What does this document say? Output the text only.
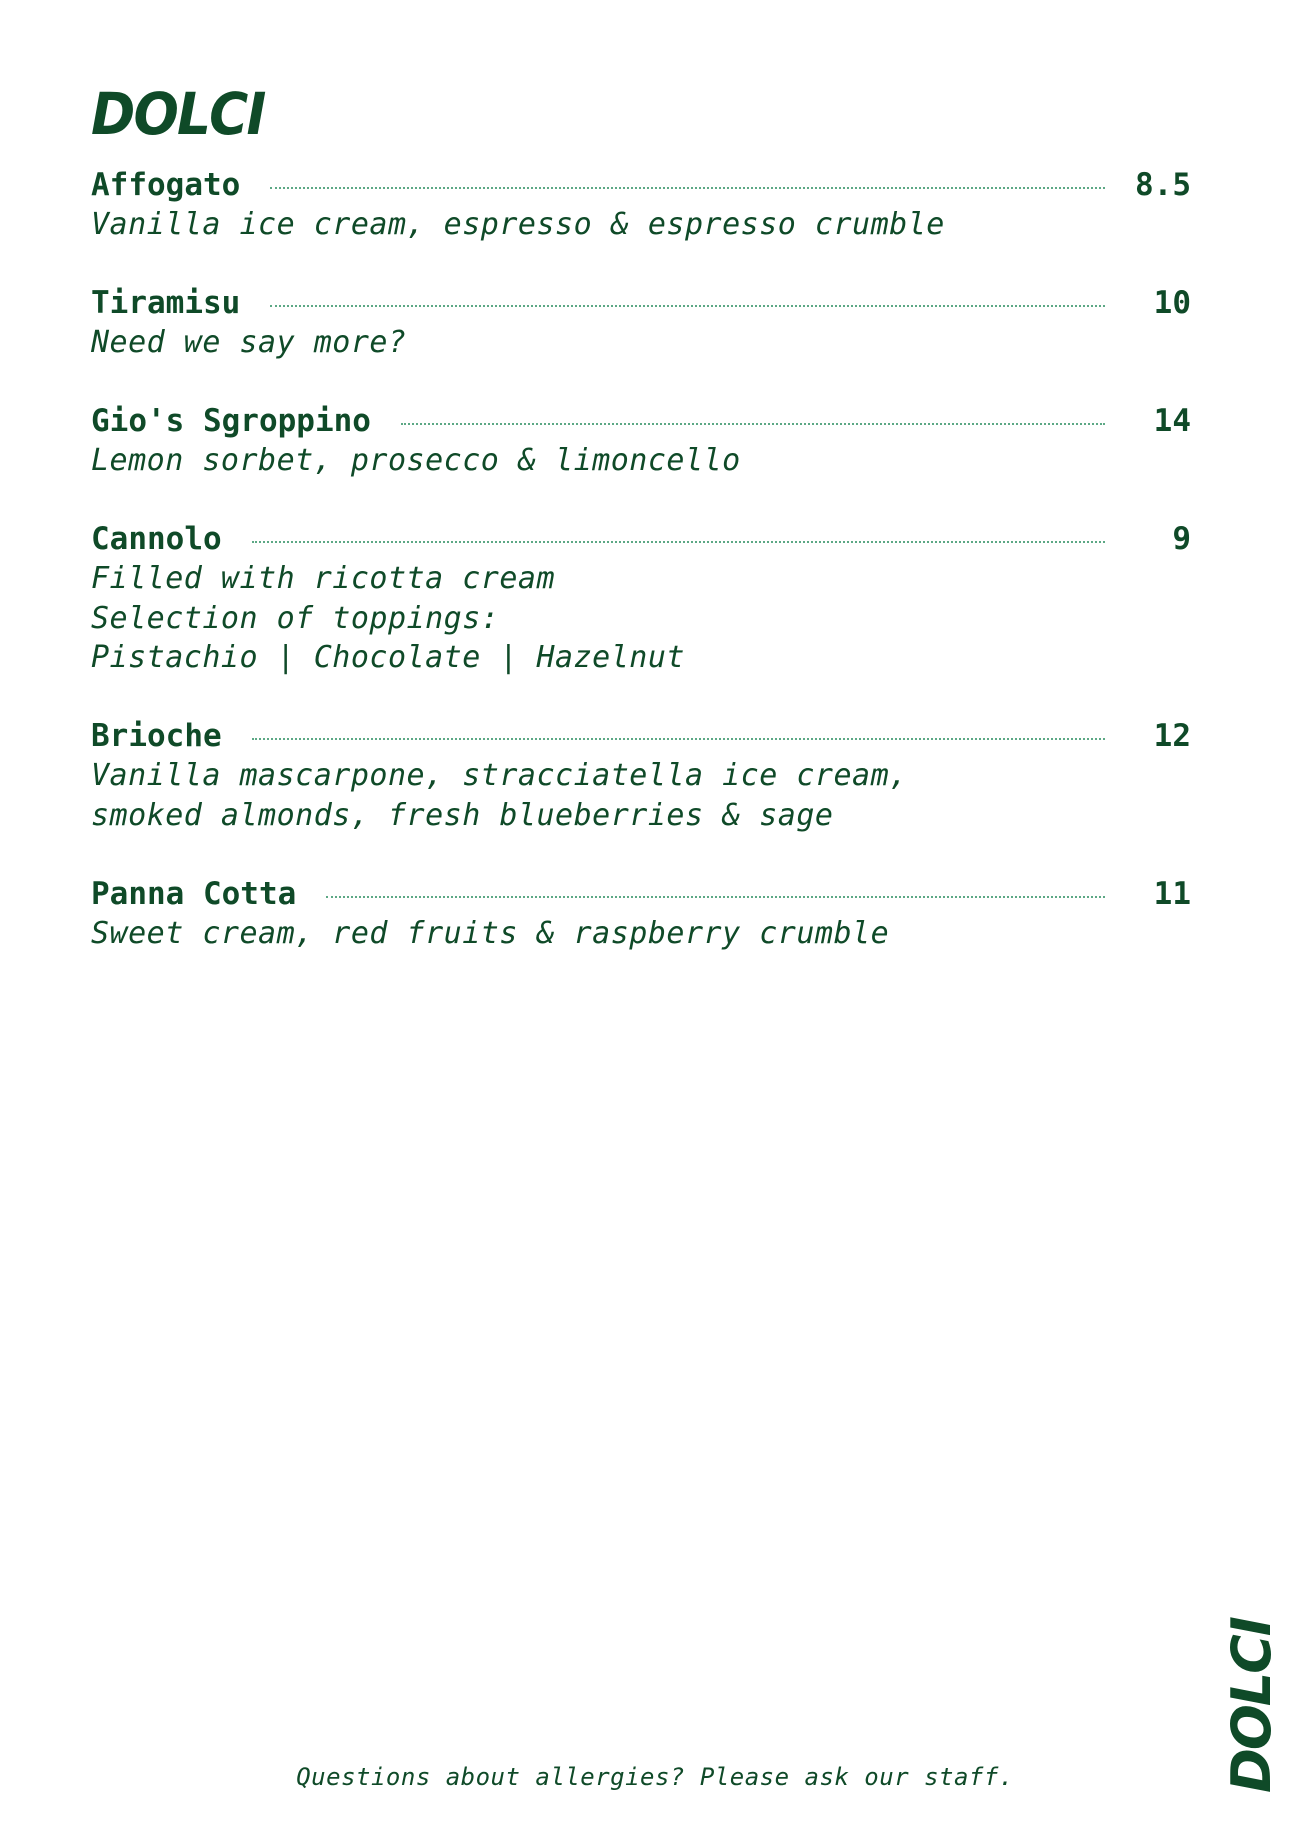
DOLCI
Affogato	8.5
Vanilla ice cream, espresso & espresso crumble
Tiramisu	10
Need we say more?
Gio's Sgroppino	14
Lemon sorbet, prosecco & limoncello
Cannolo	9
Filled with ricotta cream
Selection of toppings:
Pistachio | Chocolate | Hazelnut
Brioche	12
Vanilla mascarpone, stracciatella ice cream,
smoked almonds, fresh blueberries & sage
Panna Cotta	11
Sweet cream, red fruits & raspberry crumble
Questions about allergies? Please ask our staff.	DOLCI
